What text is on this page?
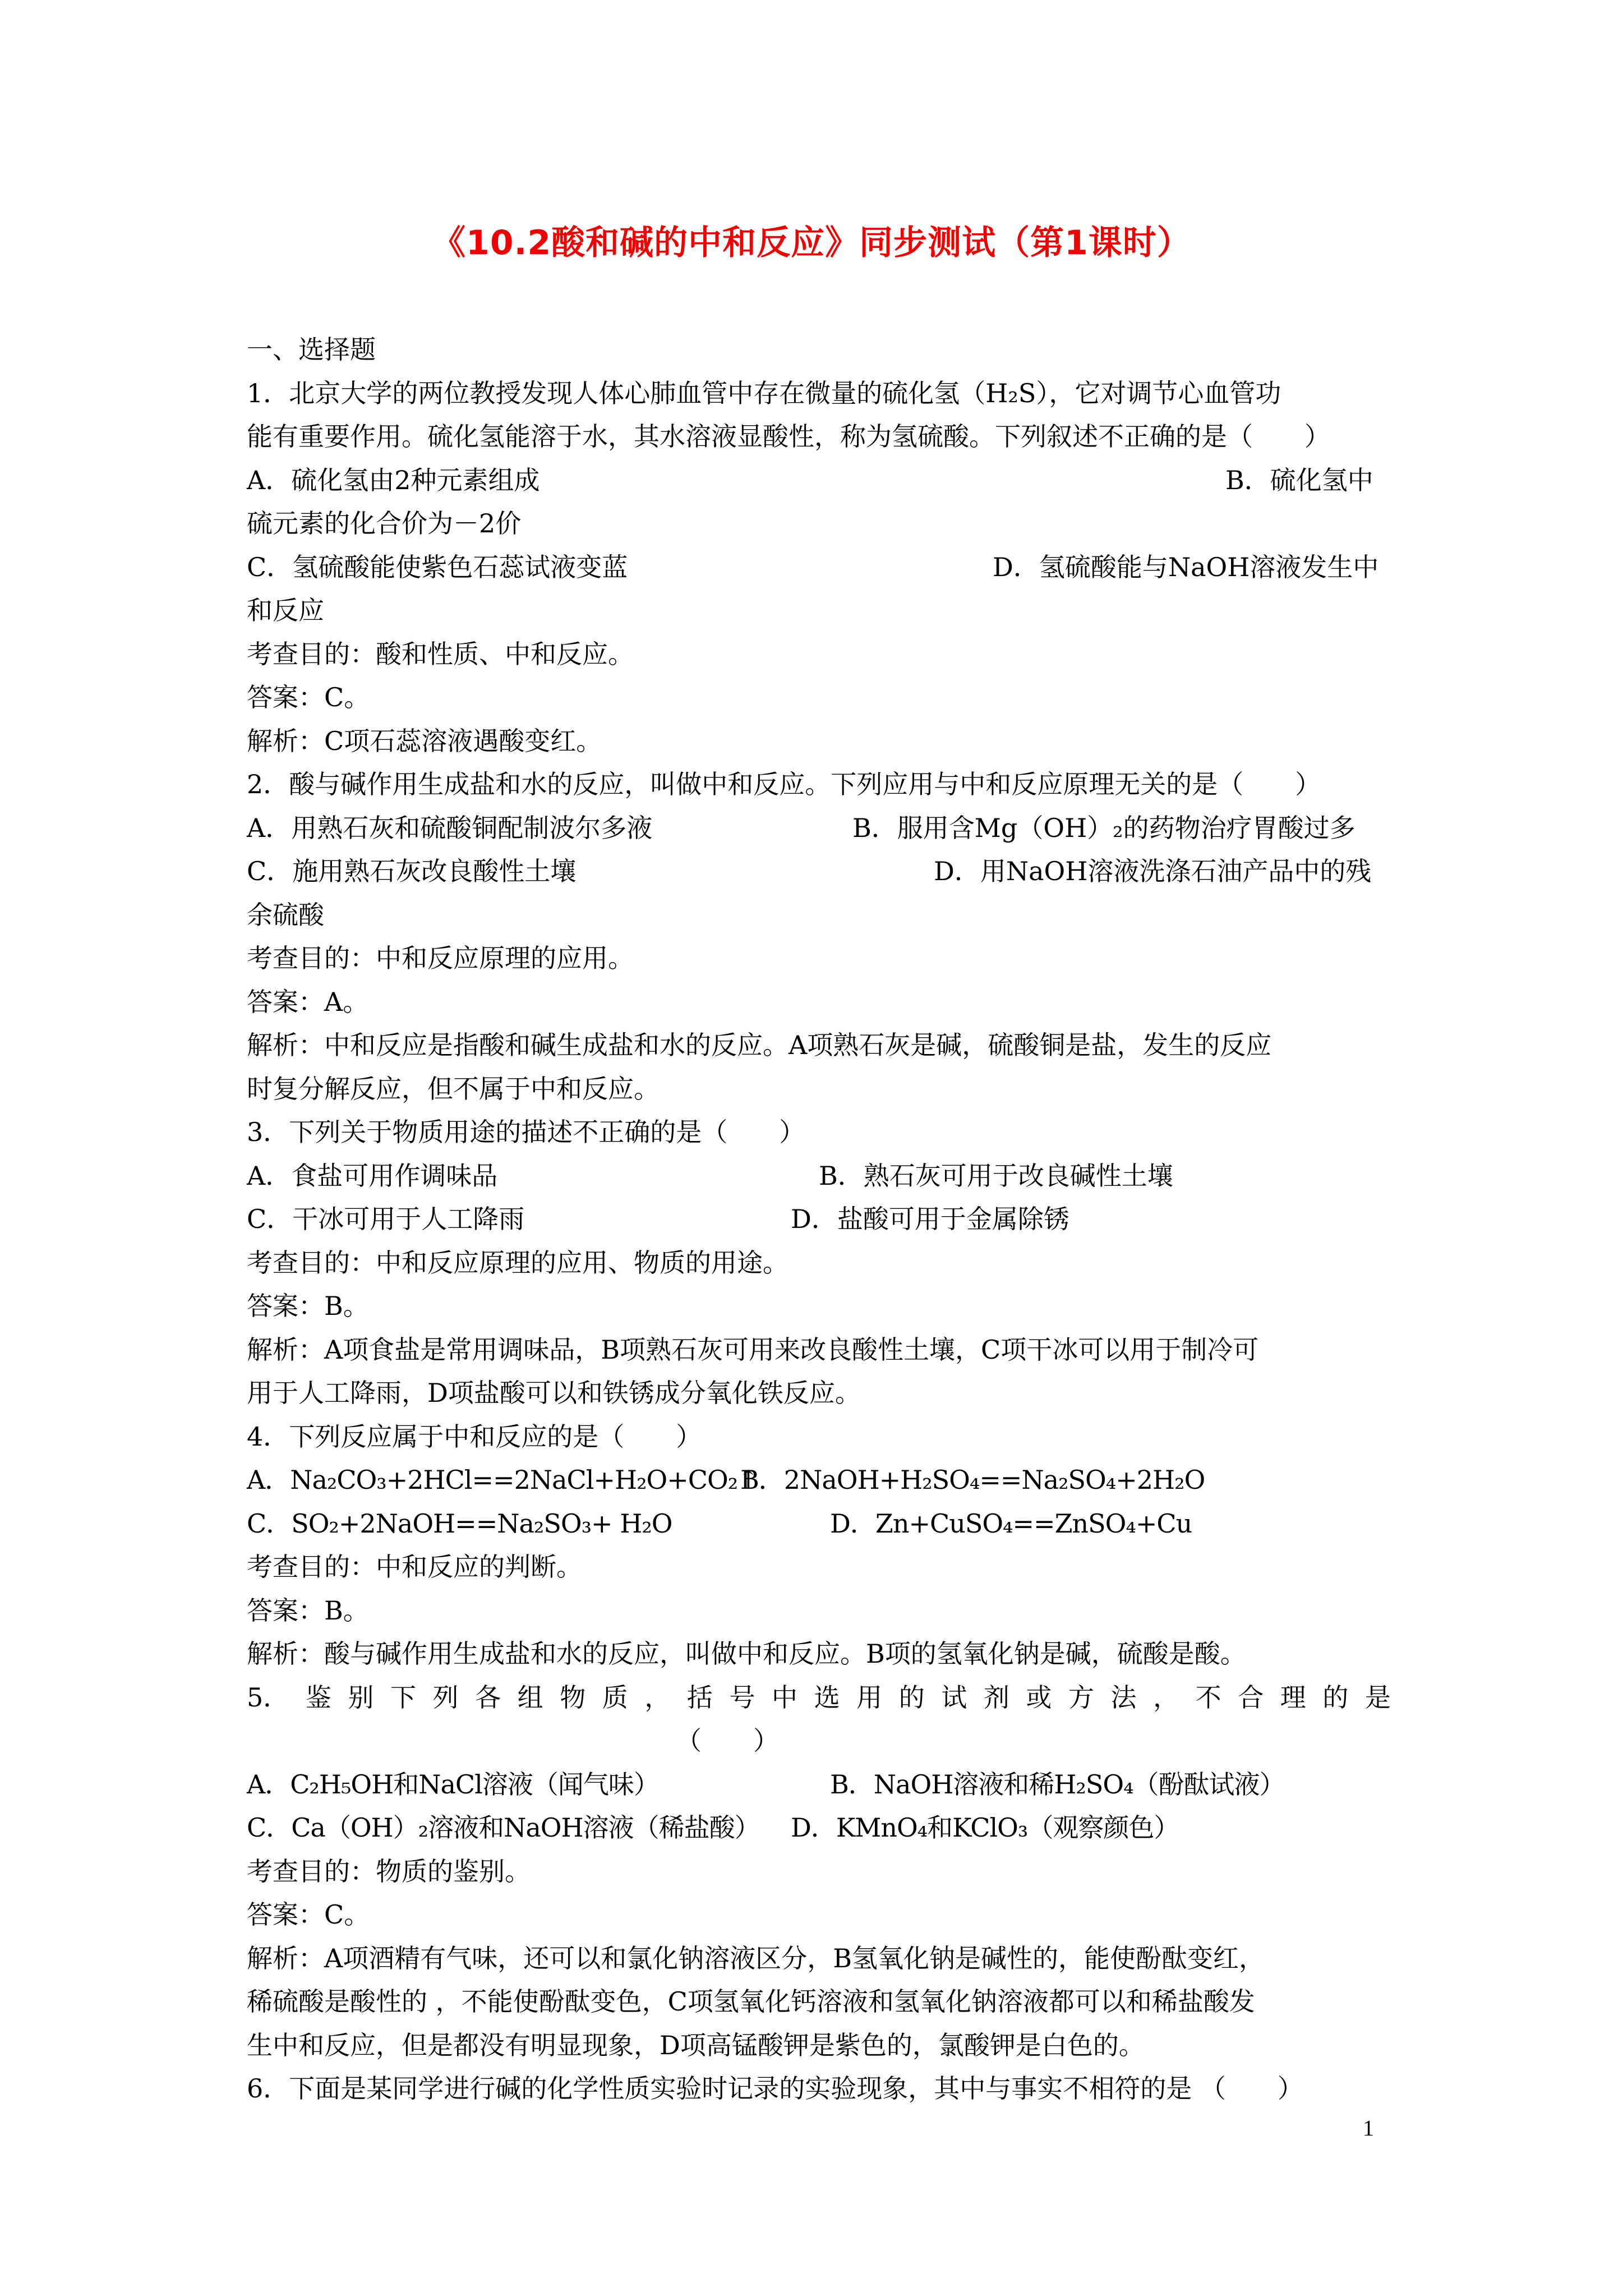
《10.2酸和碱的中和反应》同步测试（第1课时）
一、选择题
1．北京大学的两位教授发现人体心肺血管中存在微量的硫化氢（H₂S），它对调节心血管功
能有重要作用。硫化氢能溶于水，其水溶液显酸性，称为氢硫酸。下列叙述不正确的是（　　）
A．硫化氢由2种元素组成	B．硫化氢中
硫元素的化合价为－2价
C．氢硫酸能使紫色石蕊试液变蓝	D．氢硫酸能与NaOH溶液发生中
和反应
考查目的：酸和性质、中和反应。
答案：C。
解析：C项石蕊溶液遇酸变红。
2．酸与碱作用生成盐和水的反应，叫做中和反应。下列应用与中和反应原理无关的是（　　）
A．用熟石灰和硫酸铜配制波尔多液	B．服用含Mg（OH）₂的药物治疗胃酸过多
C．施用熟石灰改良酸性土壤	D．用NaOH溶液洗涤石油产品中的残
余硫酸
考查目的：中和反应原理的应用。
答案：A。
解析：中和反应是指酸和碱生成盐和水的反应。A项熟石灰是碱，硫酸铜是盐，发生的反应
时复分解反应，但不属于中和反应。
3．下列关于物质用途的描述不正确的是（　　）
A．食盐可用作调味品	B．熟石灰可用于改良碱性土壤
C．干冰可用于人工降雨	D．盐酸可用于金属除锈
考查目的：中和反应原理的应用、物质的用途。
答案：B。
解析：A项食盐是常用调味品，B项熟石灰可用来改良酸性土壤，C项干冰可以用于制冷可
用于人工降雨，D项盐酸可以和铁锈成分氧化铁反应。
4．下列反应属于中和反应的是（　　）
A．Na₂CO₃+2HCl==2NaCl+H₂O+CO₂↑
B．2NaOH+H₂SO₄==Na₂SO₄+2H₂O
C．SO₂+2NaOH==Na₂SO₃+ H₂O	D．Zn+CuSO₄==ZnSO₄+Cu
考查目的：中和反应的判断。
答案：B。
解析：酸与碱作用生成盐和水的反应，叫做中和反应。B项的氢氧化钠是碱，硫酸是酸。
5． 鉴 别 下 列 各 组 物 质 ， 括 号 中 选 用 的 试 剂 或 方 法 ， 不 合 理 的 是
（　　）
A．C₂H₅OH和NaCl溶液（闻气味）	B．NaOH溶液和稀H₂SO₄（酚酞试液）
C．Ca（OH）₂溶液和NaOH溶液（稀盐酸）	D．KMnO₄和KClO₃（观察颜色）
考查目的：物质的鉴别。
答案：C。
解析：A项酒精有气味，还可以和氯化钠溶液区分，B氢氧化钠是碱性的，能使酚酞变红，
稀硫酸是酸性的 ，不能使酚酞变色，C项氢氧化钙溶液和氢氧化钠溶液都可以和稀盐酸发
生中和反应，但是都没有明显现象，D项高锰酸钾是紫色的，氯酸钾是白色的。
6．下面是某同学进行碱的化学性质实验时记录的实验现象，其中与事实不相符的是 （　　）
1
